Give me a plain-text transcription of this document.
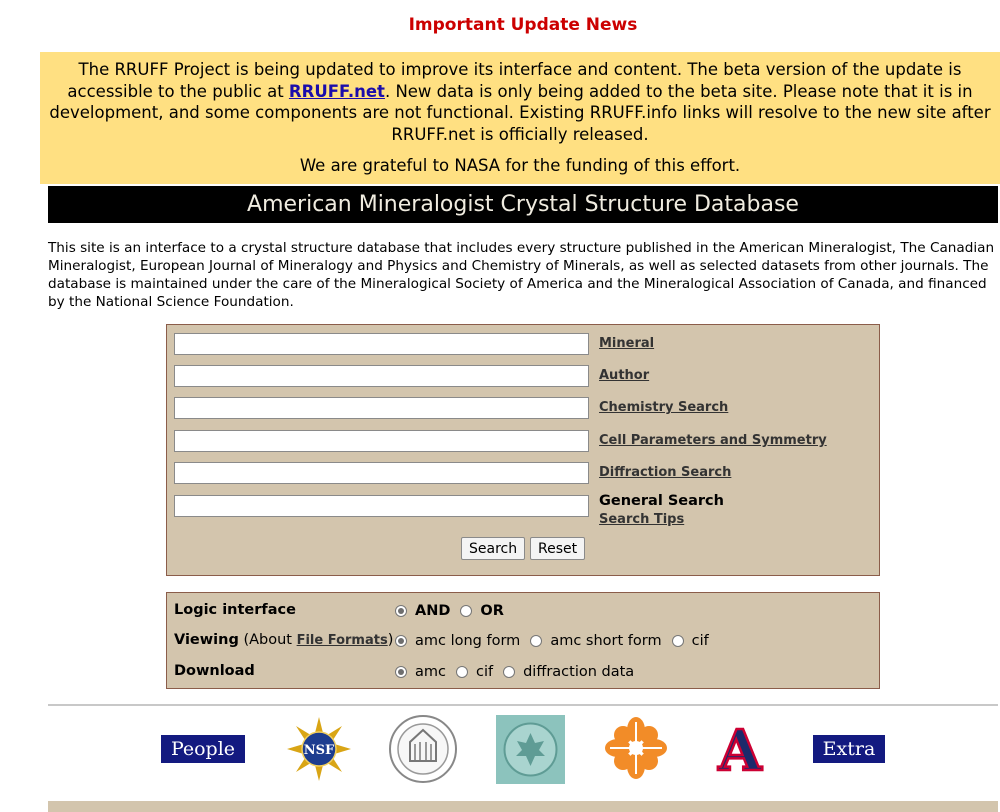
Important Update News
The RRUFF Project is being updated to improve its interface and content. The beta version of the update is accessible to the public at RRUFF.net. New data is only being added to the beta site. Please note that it is in development, and some components are not functional. Existing RRUFF.info links will resolve to the new site after RRUFF.net is officially released.
We are grateful to NASA for the funding of this effort.
American Mineralogist Crystal Structure Database
This site is an interface to a crystal structure database that includes every structure published in the American Mineralogist, The Canadian Mineralogist, European Journal of Mineralogy and Physics and Chemistry of Minerals, as well as selected datasets from other journals. The database is maintained under the care of the Mineralogical Society of America and the Mineralogical Association of Canada, and financed by the National Science Foundation.
Mineral
Author
Chemistry Search
Cell Parameters and Symmetry
Diffraction Search
General Search
Search Tips
Search	Reset
Logic interface	AND OR
Viewing (About File Formats) amc long form amc short form cif
Download	amc cif diffraction data
People	NSF	A	Extra
